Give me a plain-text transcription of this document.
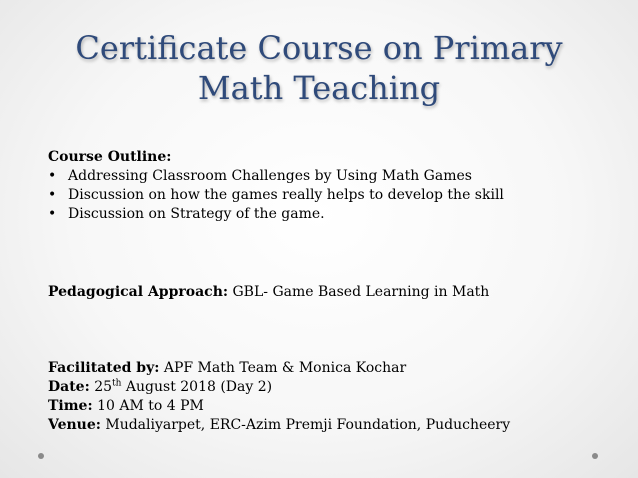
Certificate Course on Primary
Math Teaching
Course Outline:
• Addressing Classroom Challenges by Using Math Games
• Discussion on how the games really helps to develop the skill
• Discussion on Strategy of the game.
Pedagogical Approach: GBL- Game Based Learning in Math
Facilitated by: APF Math Team & Monica Kochar
Date: 25th August 2018 (Day 2)
Time: 10 AM to 4 PM
Venue: Mudaliyarpet, ERC-Azim Premji Foundation, Puducheery
